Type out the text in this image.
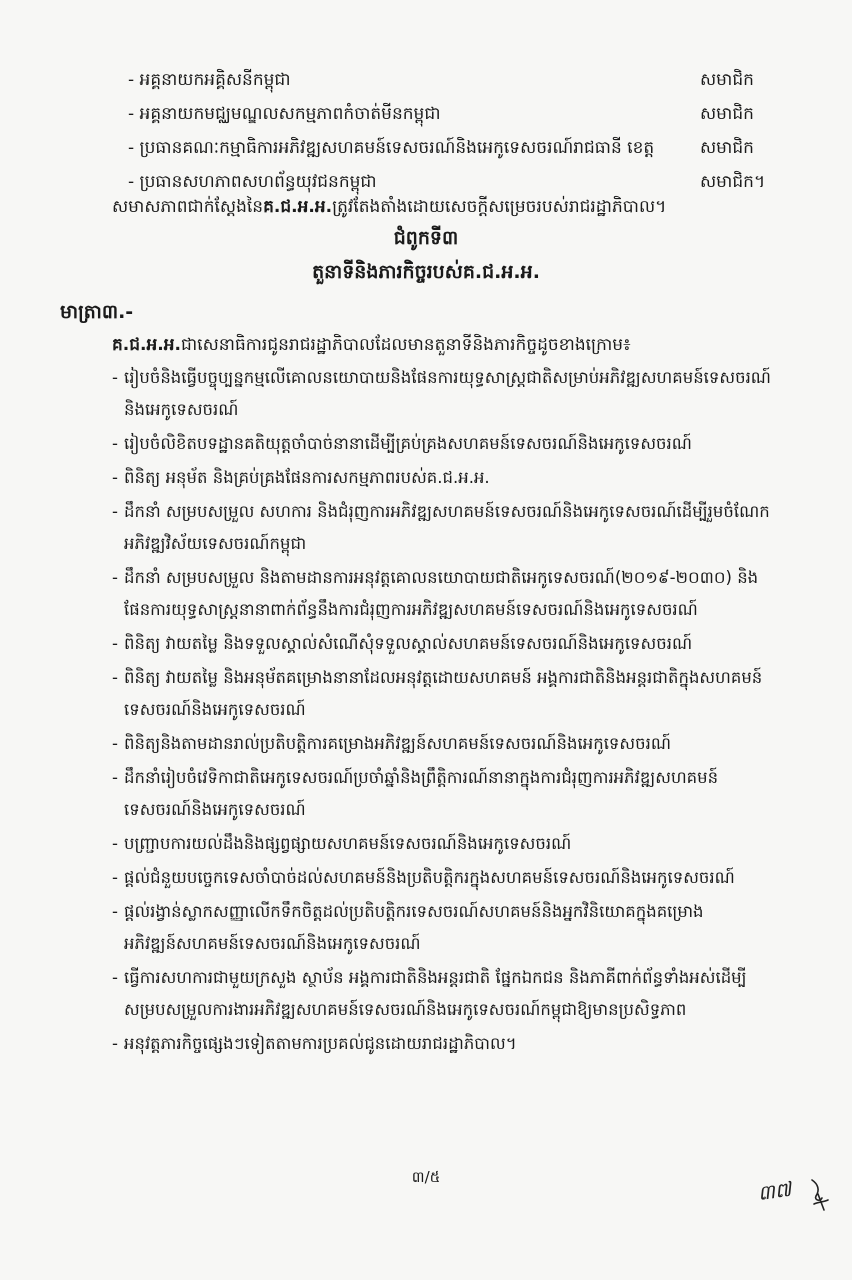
- អគ្គនាយកអគ្គិសនីកម្ពុជា	សមាជិក
- អគ្គនាយកមជ្ឈមណ្ឌលសកម្មភាពកំចាត់មីនកម្ពុជា	សមាជិក
- ប្រធានគណៈកម្មាធិការអភិវឌ្ឍសហគមន៍ទេសចរណ៍និងអេកូទេសចរណ៍រាជធានី ខេត្ត	សមាជិក
- ប្រធានសហភាពសហព័ន្ធយុវជនកម្ពុជា	សមាជិក។
សមាសភាពជាក់ស្តែងនៃគ.ជ.អ.អ.ត្រូវតែងតាំងដោយសេចក្តីសម្រេចរបស់រាជរដ្ឋាភិបាល។
ជំពូកទី៣
តួនាទីនិងភារកិច្ចរបស់គ.ជ.អ.អ.
មាត្រា៣.-
គ.ជ.អ.អ.ជាសេនាធិការជូនរាជរដ្ឋាភិបាលដែលមានតួនាទីនិងភារកិច្ចដូចខាងក្រោម៖
- រៀបចំនិងធ្វើបច្ចុប្បន្នកម្មលើគោលនយោបាយនិងផែនការយុទ្ធសាស្ត្រជាតិសម្រាប់អភិវឌ្ឍសហគមន៍ទេសចរណ៍និងអេកូទេសចរណ៍
- រៀបចំលិខិតបទដ្ឋានគតិយុត្តចាំបាច់នានាដើម្បីគ្រប់គ្រងសហគមន៍ទេសចរណ៍និងអេកូទេសចរណ៍
- ពិនិត្យ អនុម័ត និងគ្រប់គ្រងផែនការសកម្មភាពរបស់គ.ជ.អ.អ.
- ដឹកនាំ សម្របសម្រួល សហការ និងជំរុញការអភិវឌ្ឍសហគមន៍ទេសចរណ៍និងអេកូទេសចរណ៍ដើម្បីរួមចំណែកអភិវឌ្ឍវិស័យទេសចរណ៍កម្ពុជា
- ដឹកនាំ សម្របសម្រួល និងតាមដានការអនុវត្តគោលនយោបាយជាតិអេកូទេសចរណ៍(២០១៩-២០៣០) និងផែនការយុទ្ធសាស្ត្រនានាពាក់ព័ន្ធនឹងការជំរុញការអភិវឌ្ឍសហគមន៍ទេសចរណ៍និងអេកូទេសចរណ៍
- ពិនិត្យ វាយតម្លៃ និងទទួលស្គាល់សំណើសុំទទួលស្គាល់សហគមន៍ទេសចរណ៍និងអេកូទេសចរណ៍
- ពិនិត្យ វាយតម្លៃ និងអនុម័តគម្រោងនានាដែលអនុវត្តដោយសហគមន៍ អង្គការជាតិនិងអន្តរជាតិក្នុងសហគមន៍ទេសចរណ៍និងអេកូទេសចរណ៍
- ពិនិត្យនិងតាមដានរាល់ប្រតិបត្តិការគម្រោងអភិវឌ្ឍន៍សហគមន៍ទេសចរណ៍និងអេកូទេសចរណ៍
- ដឹកនាំរៀបចំវេទិកាជាតិអេកូទេសចរណ៍ប្រចាំឆ្នាំនិងព្រឹត្តិការណ៍នានាក្នុងការជំរុញការអភិវឌ្ឍសហគមន៍ទេសចរណ៍និងអេកូទេសចរណ៍
- បញ្ជ្រាបការយល់ដឹងនិងផ្សព្វផ្សាយសហគមន៍ទេសចរណ៍និងអេកូទេសចរណ៍
- ផ្តល់ជំនួយបច្ចេកទេសចាំបាច់ដល់សហគមន៍និងប្រតិបត្តិករក្នុងសហគមន៍ទេសចរណ៍និងអេកូទេសចរណ៍
- ផ្តល់រង្វាន់ស្លាកសញ្ញាលើកទឹកចិត្តដល់ប្រតិបត្តិករទេសចរណ៍សហគមន៍និងអ្នកវិនិយោគក្នុងគម្រោងអភិវឌ្ឍន៍សហគមន៍ទេសចរណ៍និងអេកូទេសចរណ៍
- ធ្វើការសហការជាមួយក្រសួង ស្ថាប័ន អង្គការជាតិនិងអន្តរជាតិ ផ្នែកឯកជន និងភាគីពាក់ព័ន្ធទាំងអស់ដើម្បីសម្របសម្រួលការងារអភិវឌ្ឍសហគមន៍ទេសចរណ៍និងអេកូទេសចរណ៍កម្ពុជាឱ្យមានប្រសិទ្ធភាព
- អនុវត្តភារកិច្ចផ្សេងៗទៀតតាមការប្រគល់ជូនដោយរាជរដ្ឋាភិបាល។
៣/៥	៣៧
